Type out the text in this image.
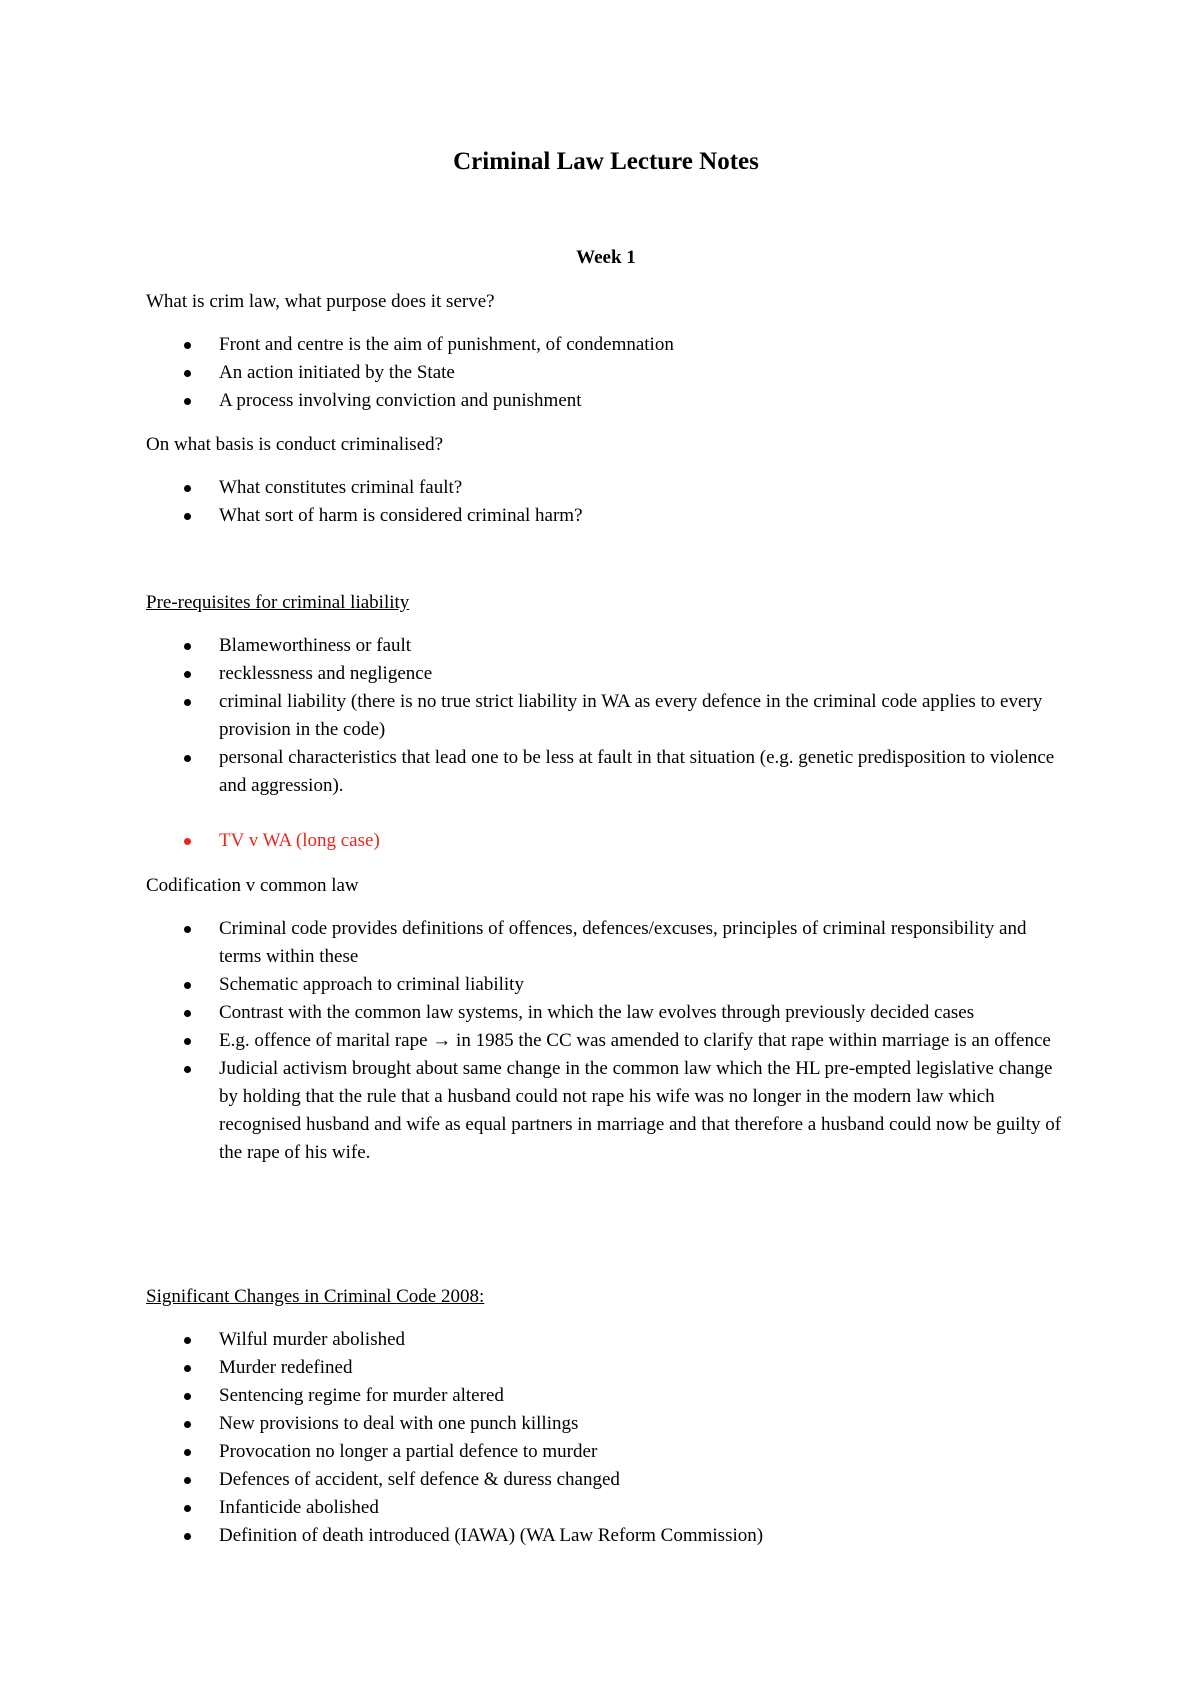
Criminal Law Lecture Notes
Week 1

What is crim law, what purpose does it serve?

Front and centre is the aim of punishment, of condemnation
An action initiated by the State
A process involving conviction and punishment

On what basis is conduct criminalised?

What constitutes criminal fault?
What sort of harm is considered criminal harm?

Pre-requisites for criminal liability

Blameworthiness or fault
recklessness and negligence
criminal liability (there is no true strict liability in WA as every defence in the criminal code applies to every provision in the code)
personal characteristics that lead one to be less at fault in that situation (e.g. genetic predisposition to violence and aggression).
TV v WA (long case)

Codification v common law

Criminal code provides definitions of offences, defences/excuses, principles of criminal responsibility and terms within these
Schematic approach to criminal liability
Contrast with the common law systems, in which the law evolves through previously decided cases
E.g. offence of marital rape → in 1985 the CC was amended to clarify that rape within marriage is an offence
Judicial activism brought about same change in the common law which the HL pre-empted legislative change by holding that the rule that a husband could not rape his wife was no longer in the modern law which recognised husband and wife as equal partners in marriage and that therefore a husband could now be guilty of the rape of his wife.

Significant Changes in Criminal Code 2008:

Wilful murder abolished
Murder redefined
Sentencing regime for murder altered
New provisions to deal with one punch killings
Provocation no longer a partial defence to murder
Defences of accident, self defence & duress changed
Infanticide abolished
Definition of death introduced (IAWA) (WA Law Reform Commission)
